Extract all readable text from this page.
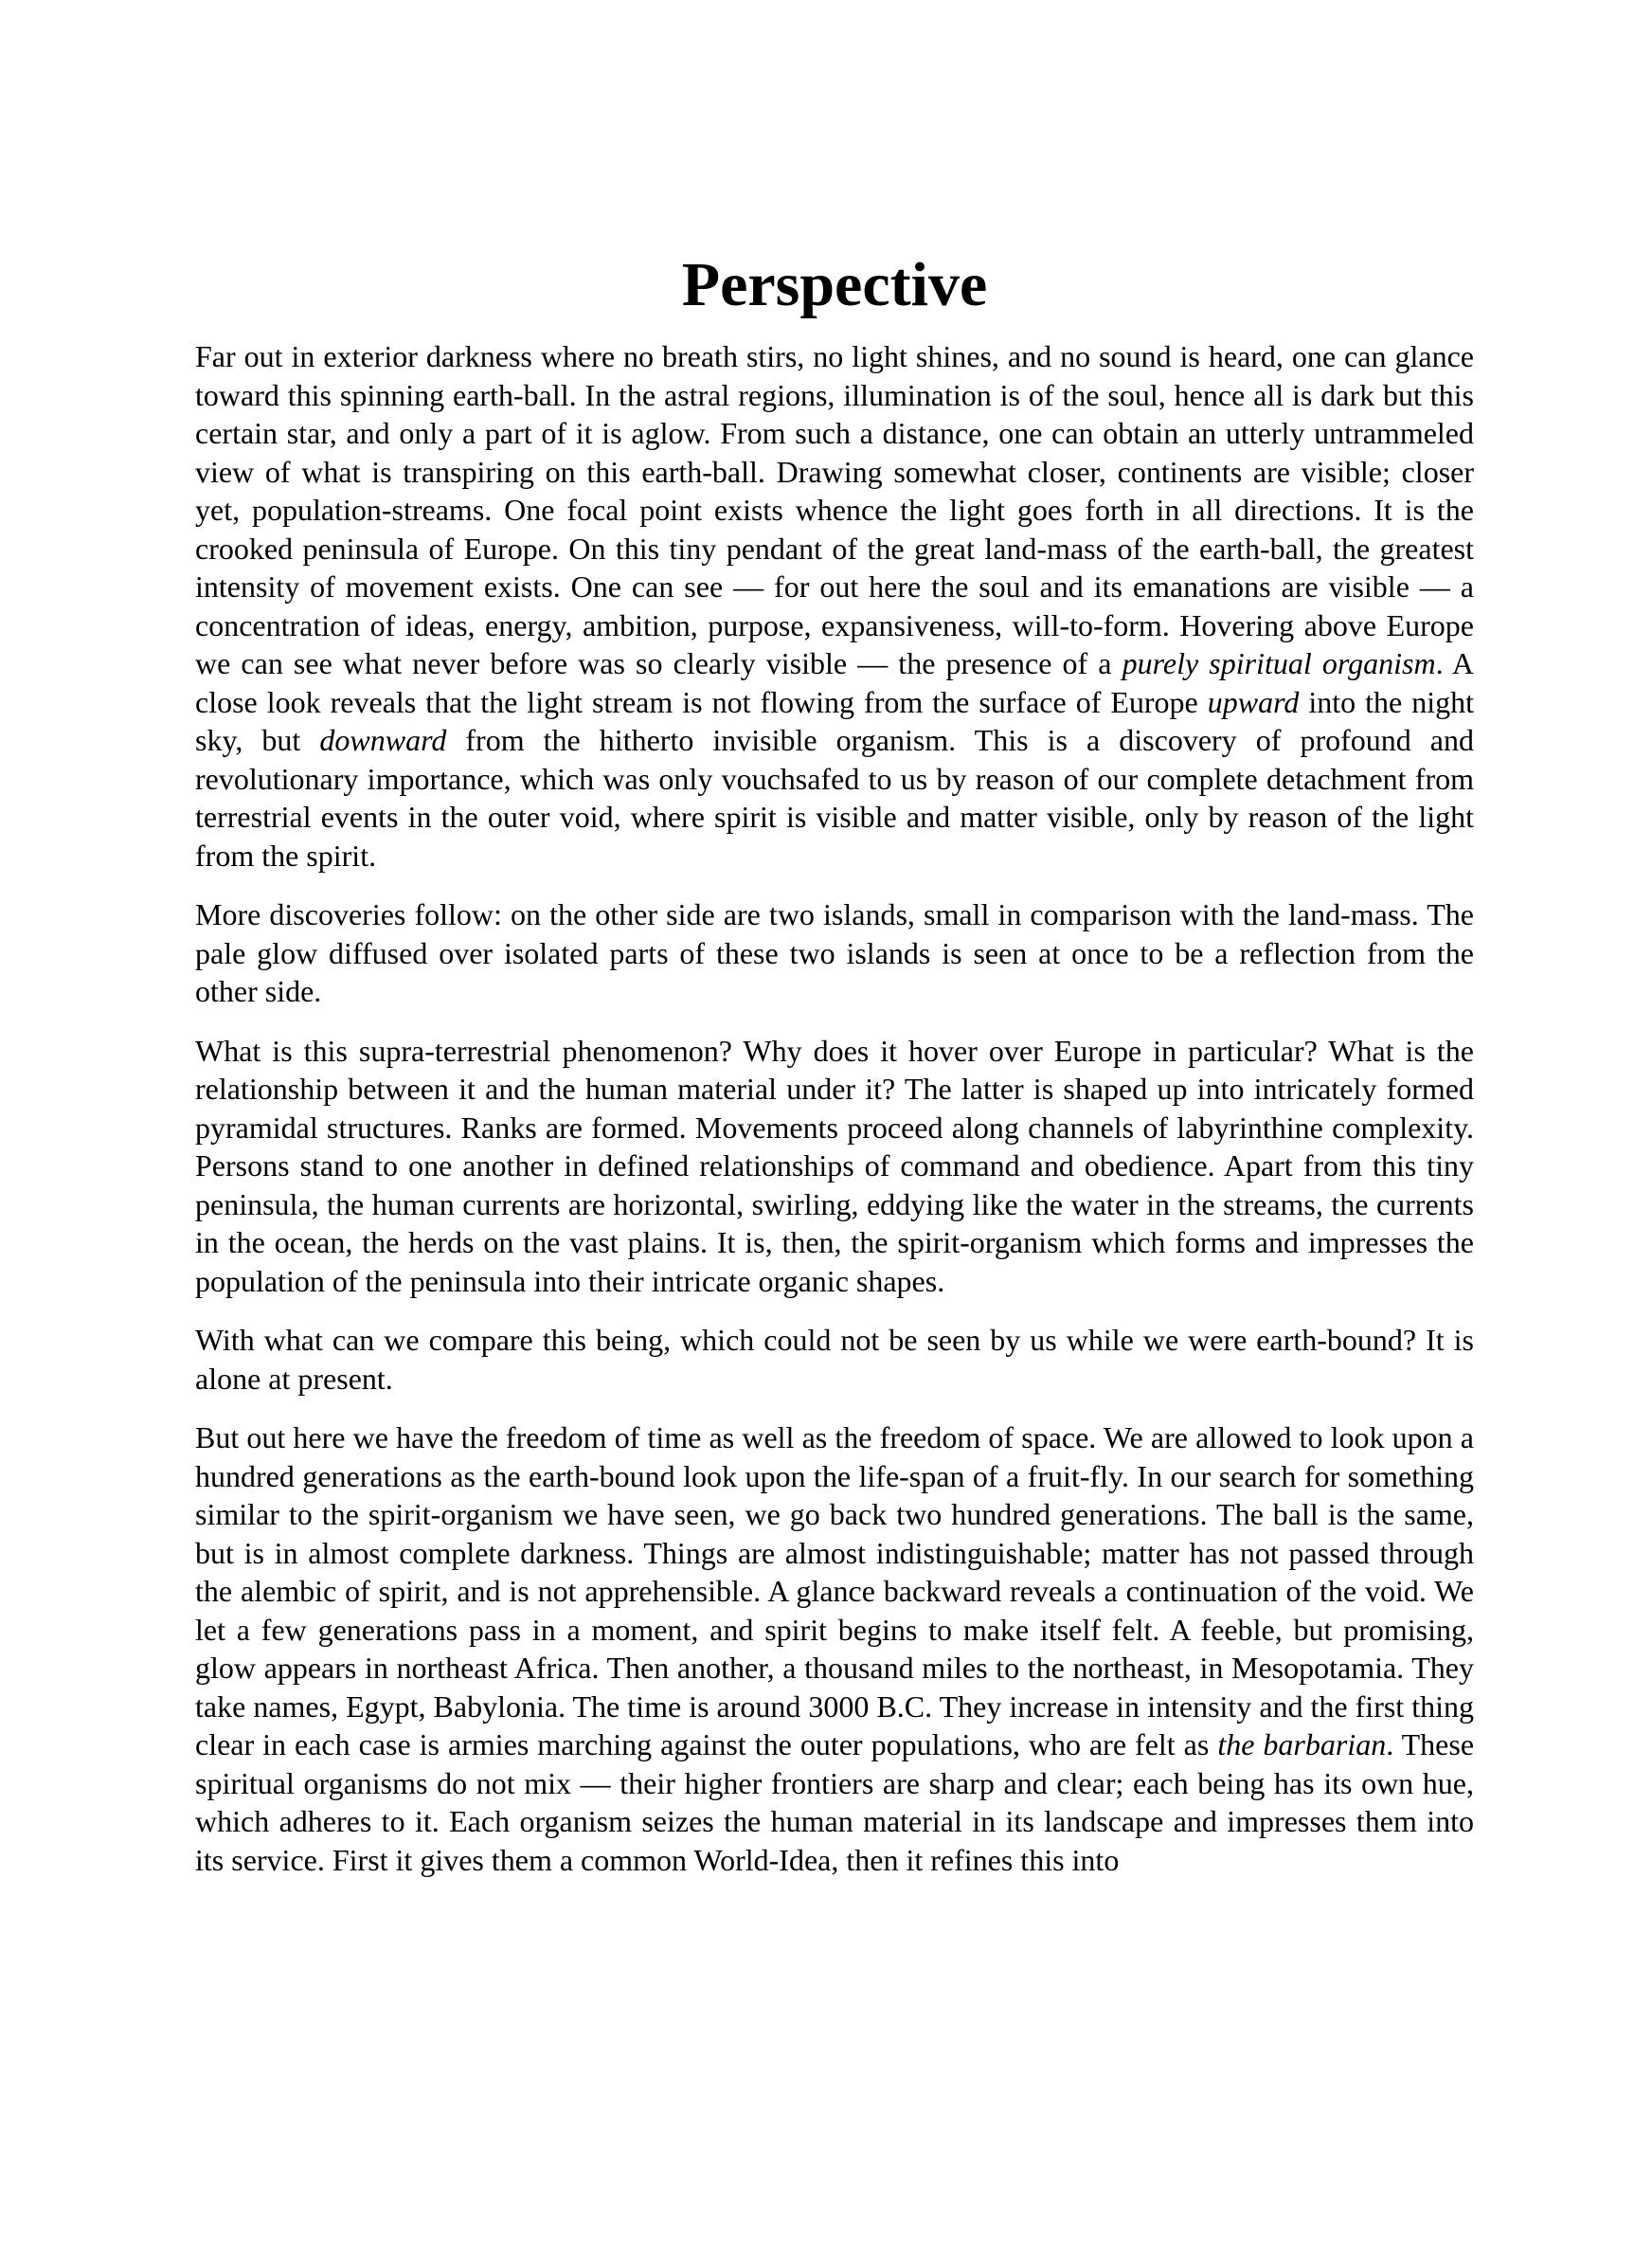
Perspective

Far out in exterior darkness where no breath stirs, no light shines, and no sound is heard, one can glance toward this spinning earth-ball. In the astral regions, illumination is of the soul, hence all is dark but this certain star, and only a part of it is aglow. From such a distance, one can obtain an utterly untrammeled view of what is transpiring on this earth-ball. Drawing somewhat closer, continents are visible; closer yet, population-streams. One focal point exists whence the light goes forth in all directions. It is the crooked peninsula of Europe. On this tiny pendant of the great land-mass of the earth-ball, the greatest intensity of movement exists. One can see — for out here the soul and its emanations are visible — a concentration of ideas, energy, ambition, purpose, expansiveness, will-to-form. Hovering above Europe we can see what never before was so clearly visible — the presence of a purely spiritual organism. A close look reveals that the light stream is not flowing from the surface of Europe upward into the night sky, but downward from the hitherto invisible organism. This is a discovery of profound and revolutionary importance, which was only vouchsafed to us by reason of our complete detachment from terrestrial events in the outer void, where spirit is visible and matter visible, only by reason of the light from the spirit.

More discoveries follow: on the other side are two islands, small in comparison with the land-mass. The pale glow diffused over isolated parts of these two islands is seen at once to be a reflection from the other side.

What is this supra-terrestrial phenomenon? Why does it hover over Europe in particular? What is the relationship between it and the human material under it? The latter is shaped up into intricately formed pyramidal structures. Ranks are formed. Movements proceed along channels of labyrinthine complexity. Persons stand to one another in defined relationships of command and obedience. Apart from this tiny peninsula, the human currents are horizontal, swirling, eddying like the water in the streams, the currents in the ocean, the herds on the vast plains. It is, then, the spirit-organism which forms and impresses the population of the peninsula into their intricate organic shapes.

With what can we compare this being, which could not be seen by us while we were earth-bound? It is alone at present.

But out here we have the freedom of time as well as the freedom of space. We are allowed to look upon a hundred generations as the earth-bound look upon the life-span of a fruit-fly. In our search for something similar to the spirit-organism we have seen, we go back two hundred generations. The ball is the same, but is in almost complete darkness. Things are almost indistinguishable; matter has not passed through the alembic of spirit, and is not apprehensible. A glance backward reveals a continuation of the void. We let a few generations pass in a moment, and spirit begins to make itself felt. A feeble, but promising, glow appears in northeast Africa. Then another, a thousand miles to the northeast, in Mesopotamia. They take names, Egypt, Babylonia. The time is around 3000 B.C. They increase in intensity and the first thing clear in each case is armies marching against the outer populations, who are felt as the barbarian. These spiritual organisms do not mix — their higher frontiers are sharp and clear; each being has its own hue, which adheres to it. Each organism seizes the human material in its landscape and impresses them into its service. First it gives them a common World-Idea, then it refines this into
